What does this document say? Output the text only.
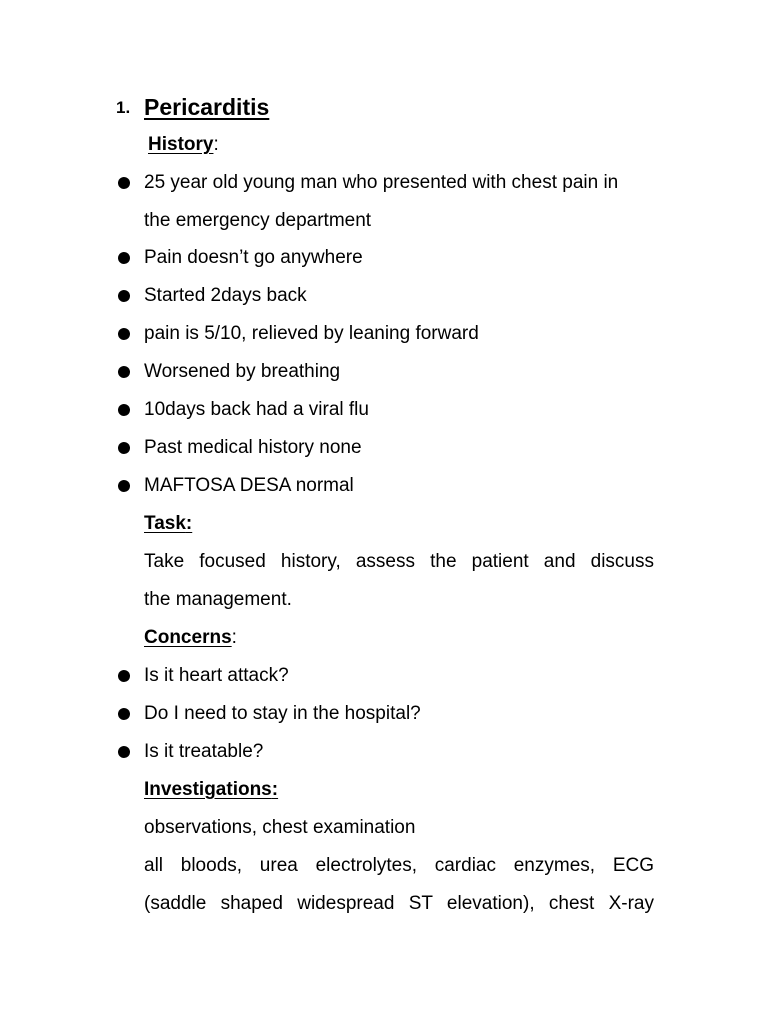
1. Pericarditis
History:
25 year old young man who presented with chest pain in
the emergency department
Pain doesn’t go anywhere
Started 2days back
pain is 5/10, relieved by leaning forward
Worsened by breathing
10days back had a viral flu
Past medical history none
MAFTOSA DESA normal
Task:
Take focused history, assess the patient and discuss
the management.
Concerns:
Is it heart attack?
Do I need to stay in the hospital?
Is it treatable?
Investigations:
observations, chest examination
all bloods, urea electrolytes, cardiac enzymes, ECG
(saddle shaped widespread ST elevation), chest X-ray
